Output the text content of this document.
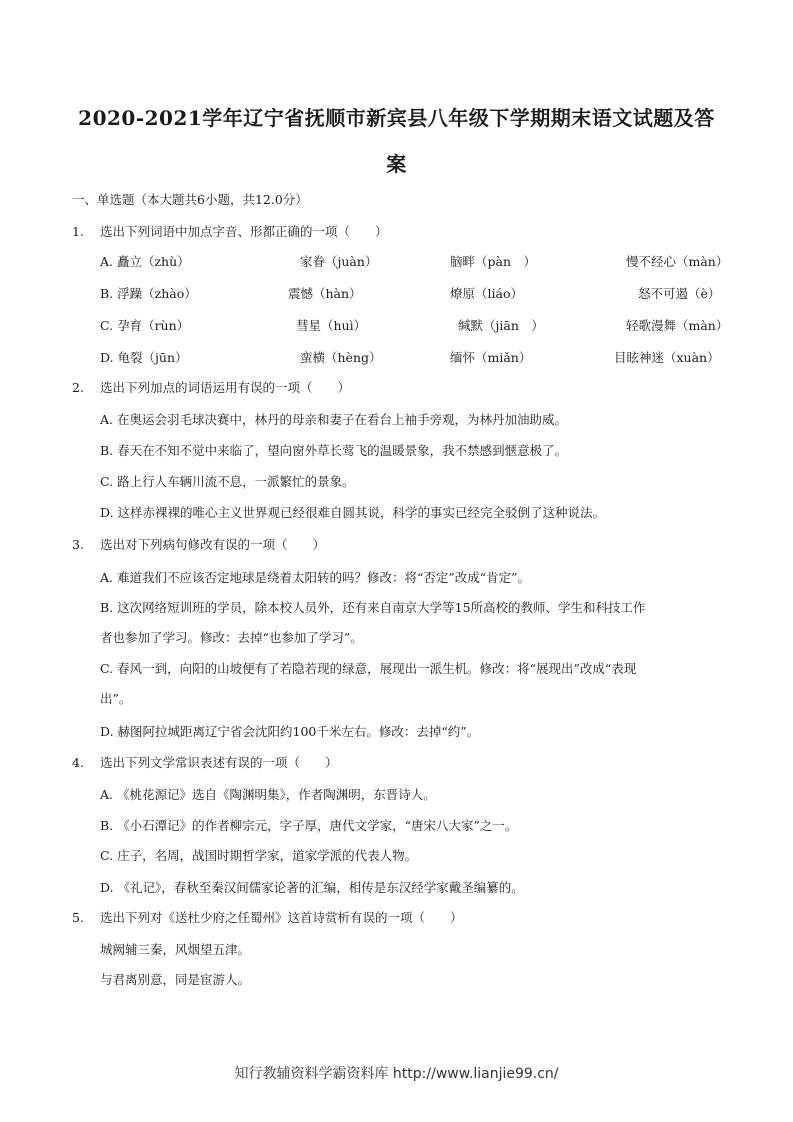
2020-2021学年辽宁省抚顺市新宾县八年级下学期期末语文试题及答
案
一、单选题（本大题共6小题，共12.0分）
1. 选出下列词语中加点字音、形都正确的一项（　　）
A. 矗立（zhù）	家眷（juàn）	脑畔（pàn　）	慢不经心（màn）
B. 浮躁（zhào）	震憾（hàn）	燎原（liáo）	怒不可遏（è）
C. 孕育（rùn）	彗星（huì）	缄默（jiān　）	轻歌漫舞（màn）
D. 龟裂（jūn）	蛮横（hèng）	缅怀（miǎn）	目眩神迷（xuàn）
2. 选出下列加点的词语运用有误的一项（　　）
A. 在奥运会羽毛球决赛中，林丹的母亲和妻子在看台上袖手旁观，为林丹加油助威。
B. 春天在不知不觉中来临了，望向窗外草长莺飞的温暖景象，我不禁感到惬意极了。
C. 路上行人车辆川流不息，一派繁忙的景象。
D. 这样赤裸裸的唯心主义世界观已经很难自圆其说，科学的事实已经完全驳倒了这种说法。
3. 选出对下列病句修改有误的一项（　　）
A. 难道我们不应该否定地球是绕着太阳转的吗？修改：将“否定”改成“肯定”。
B. 这次网络短训班的学员，除本校人员外，还有来自南京大学等15所高校的教师、学生和科技工作
者也参加了学习。修改：去掉“也参加了学习”。
C. 春风一到，向阳的山坡便有了若隐若现的绿意，展现出一派生机。修改：将“展现出”改成“表现
出”。
D. 赫图阿拉城距离辽宁省会沈阳约100千米左右。修改：去掉“约”。
4. 选出下列文学常识表述有误的一项（　　）
A. 《桃花源记》选自《陶渊明集》，作者陶渊明，东晋诗人。
B. 《小石潭记》的作者柳宗元，字子厚，唐代文学家，“唐宋八大家”之一。
C. 庄子，名周，战国时期哲学家，道家学派的代表人物。
D. 《礼记》，春秋至秦汉间儒家论著的汇编，相传是东汉经学家戴圣编纂的。
5. 选出下列对《送杜少府之任蜀州》这首诗赏析有误的一项（　　）
城阙辅三秦，风烟望五津。
与君离别意，同是宦游人。
知行教辅资料学霸资料库 http://www.lianjie99.cn/
